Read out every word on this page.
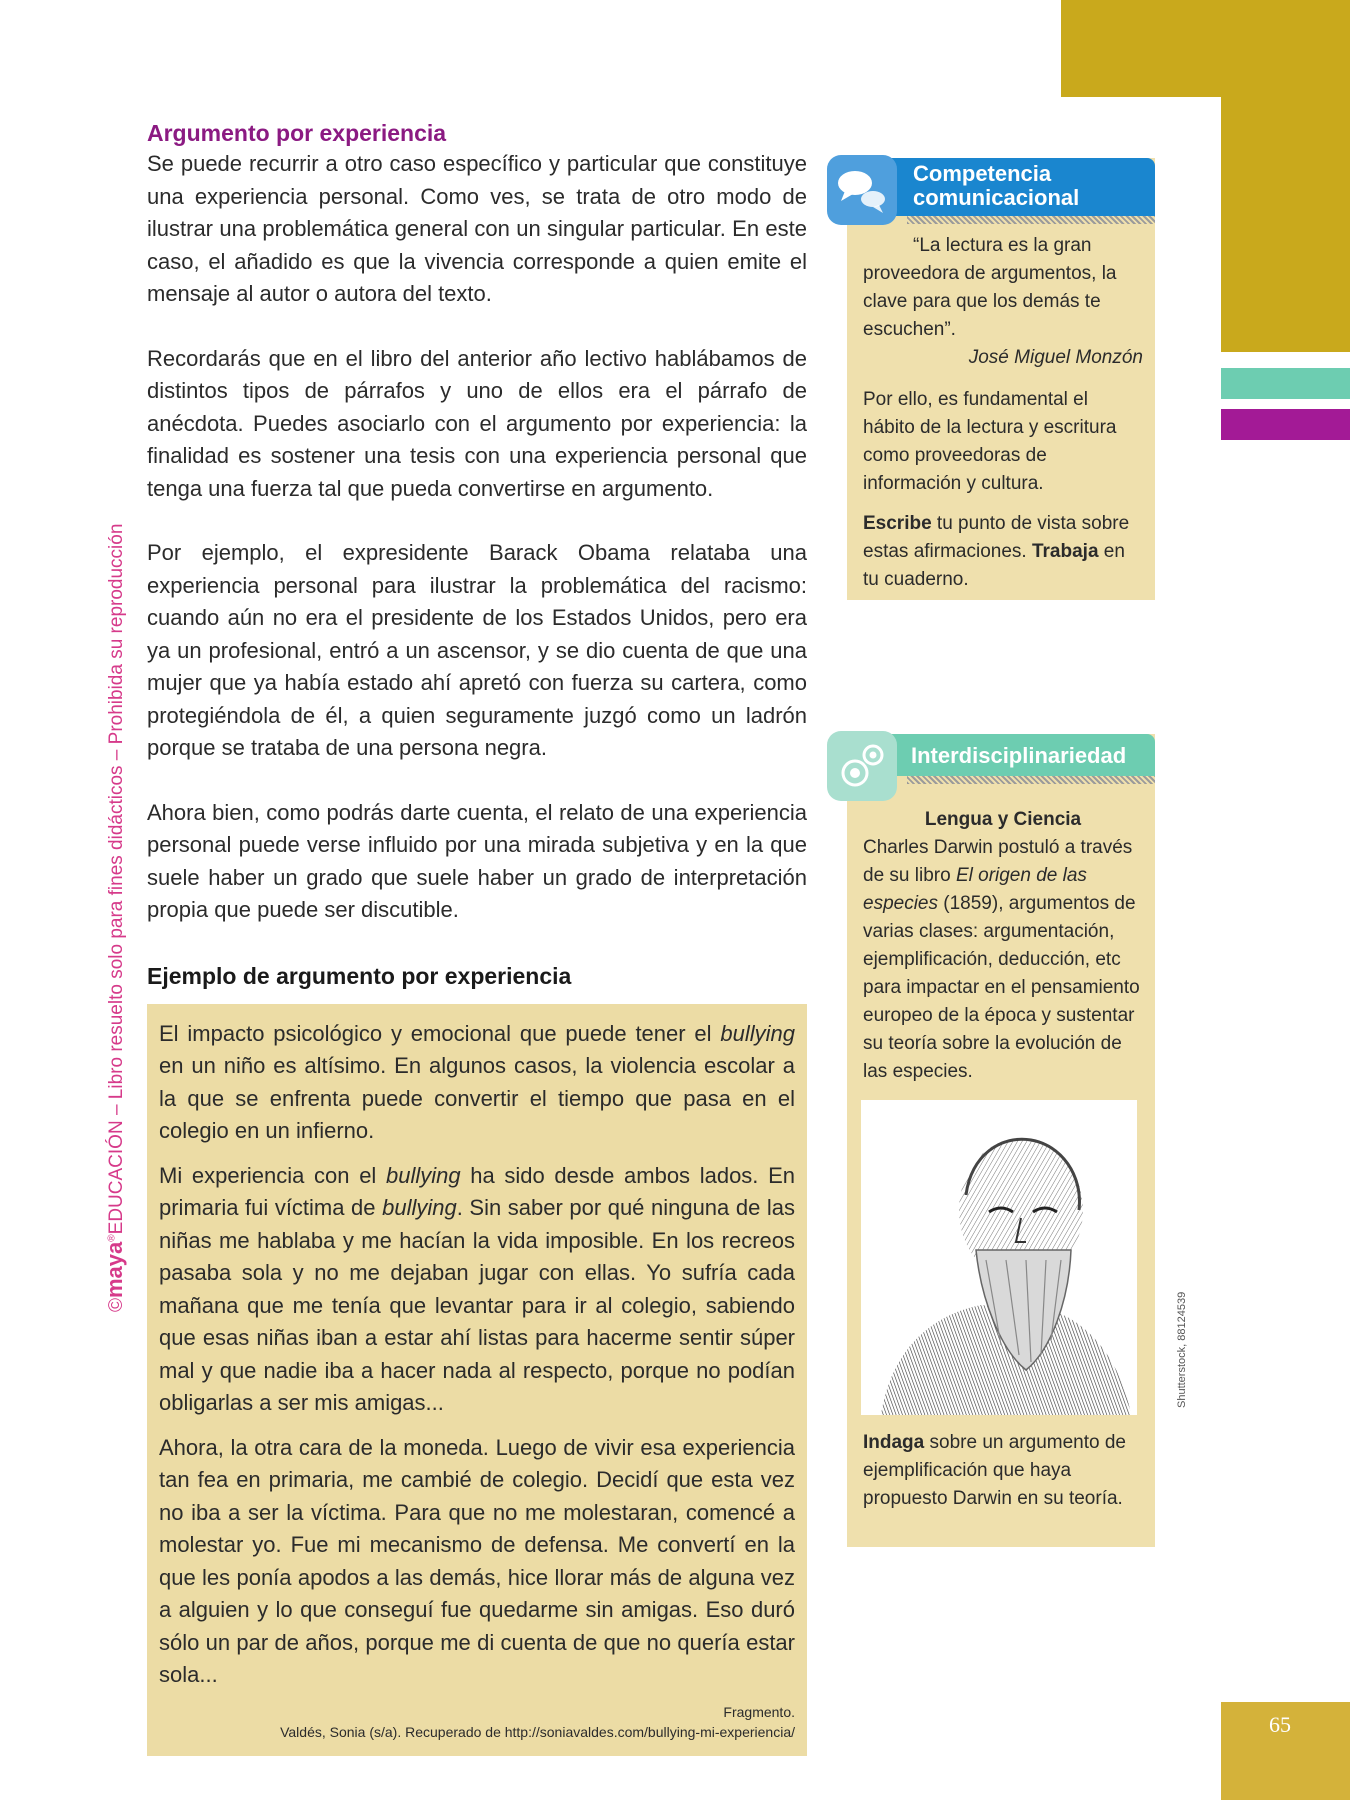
©maya®EDUCACIÓN – Libro resuelto solo para fines didácticos – Prohibida su reproducción
Argumento por experiencia

Se puede recurrir a otro caso específico y particular que constituye una experiencia personal. Como ves, se trata de otro modo de ilustrar una problemática general con un singular particular. En este caso, el añadido es que la vivencia corresponde a quien emite el mensaje al autor o autora del texto.

Recordarás que en el libro del anterior año lectivo hablábamos de distintos tipos de párrafos y uno de ellos era el párrafo de anécdota. Puedes asociarlo con el argumento por experiencia: la finalidad es sostener una tesis con una experiencia personal que tenga una fuerza tal que pueda convertirse en argumento.

Por ejemplo, el expresidente Barack Obama relataba una experiencia personal para ilustrar la problemática del racismo: cuando aún no era el presidente de los Estados Unidos, pero era ya un profesional, entró a un ascensor, y se dio cuenta de que una mujer que ya había estado ahí apretó con fuerza su cartera, como protegiéndola de él, a quien seguramente juzgó como un ladrón porque se trataba de una persona negra.

Ahora bien, como podrás darte cuenta, el relato de una experiencia personal puede verse influido por una mirada subjetiva y en la que suele haber un grado que suele haber un grado de interpretación propia que puede ser discutible.

Ejemplo de argumento por experiencia

El impacto psicológico y emocional que puede tener el bullying en un niño es altísimo. En algunos casos, la violencia escolar a la que se enfrenta puede convertir el tiempo que pasa en el colegio en un infierno.

Mi experiencia con el bullying ha sido desde ambos lados. En primaria fui víctima de bullying. Sin saber por qué ninguna de las niñas me hablaba y me hacían la vida imposible. En los recreos pasaba sola y no me dejaban jugar con ellas. Yo sufría cada mañana que me tenía que levantar para ir al colegio, sabiendo que esas niñas iban a estar ahí listas para hacerme sentir súper mal y que nadie iba a hacer nada al respecto, porque no podían obligarlas a ser mis amigas...

Ahora, la otra cara de la moneda. Luego de vivir esa experiencia tan fea en primaria, me cambié de colegio. Decidí que esta vez no iba a ser la víctima. Para que no me molestaran, comencé a molestar yo. Fue mi mecanismo de defensa. Me convertí en la que les ponía apodos a las demás, hice llorar más de alguna vez a alguien y lo que conseguí fue quedarme sin amigas. Eso duró sólo un par de años, porque me di cuenta de que no quería estar sola...

Fragmento.
Valdés, Sonia (s/a). Recuperado de http://soniavaldes.com/bullying-mi-experiencia/
Competencia
comunicacional

“La lectura es la gran proveedora de argumentos, la clave para que los demás te escuchen”.

José Miguel Monzón

Por ello, es fundamental el hábito de la lectura y escritura como proveedoras de información y cultura.

Escribe tu punto de vista sobre estas afirmaciones. Trabaja en tu cuaderno.

Interdisciplinariedad

Lengua y Ciencia

Charles Darwin postuló a través de su libro El origen de las especies (1859), argumentos de varias clases: argumentación, ejemplificación, deducción, etc para impactar en el pensamiento europeo de la época y sustentar su teoría sobre la evolución de las especies.

Indaga sobre un argumento de ejemplificación que haya propuesto Darwin en su teoría.

Shutterstock, 88124539
65
